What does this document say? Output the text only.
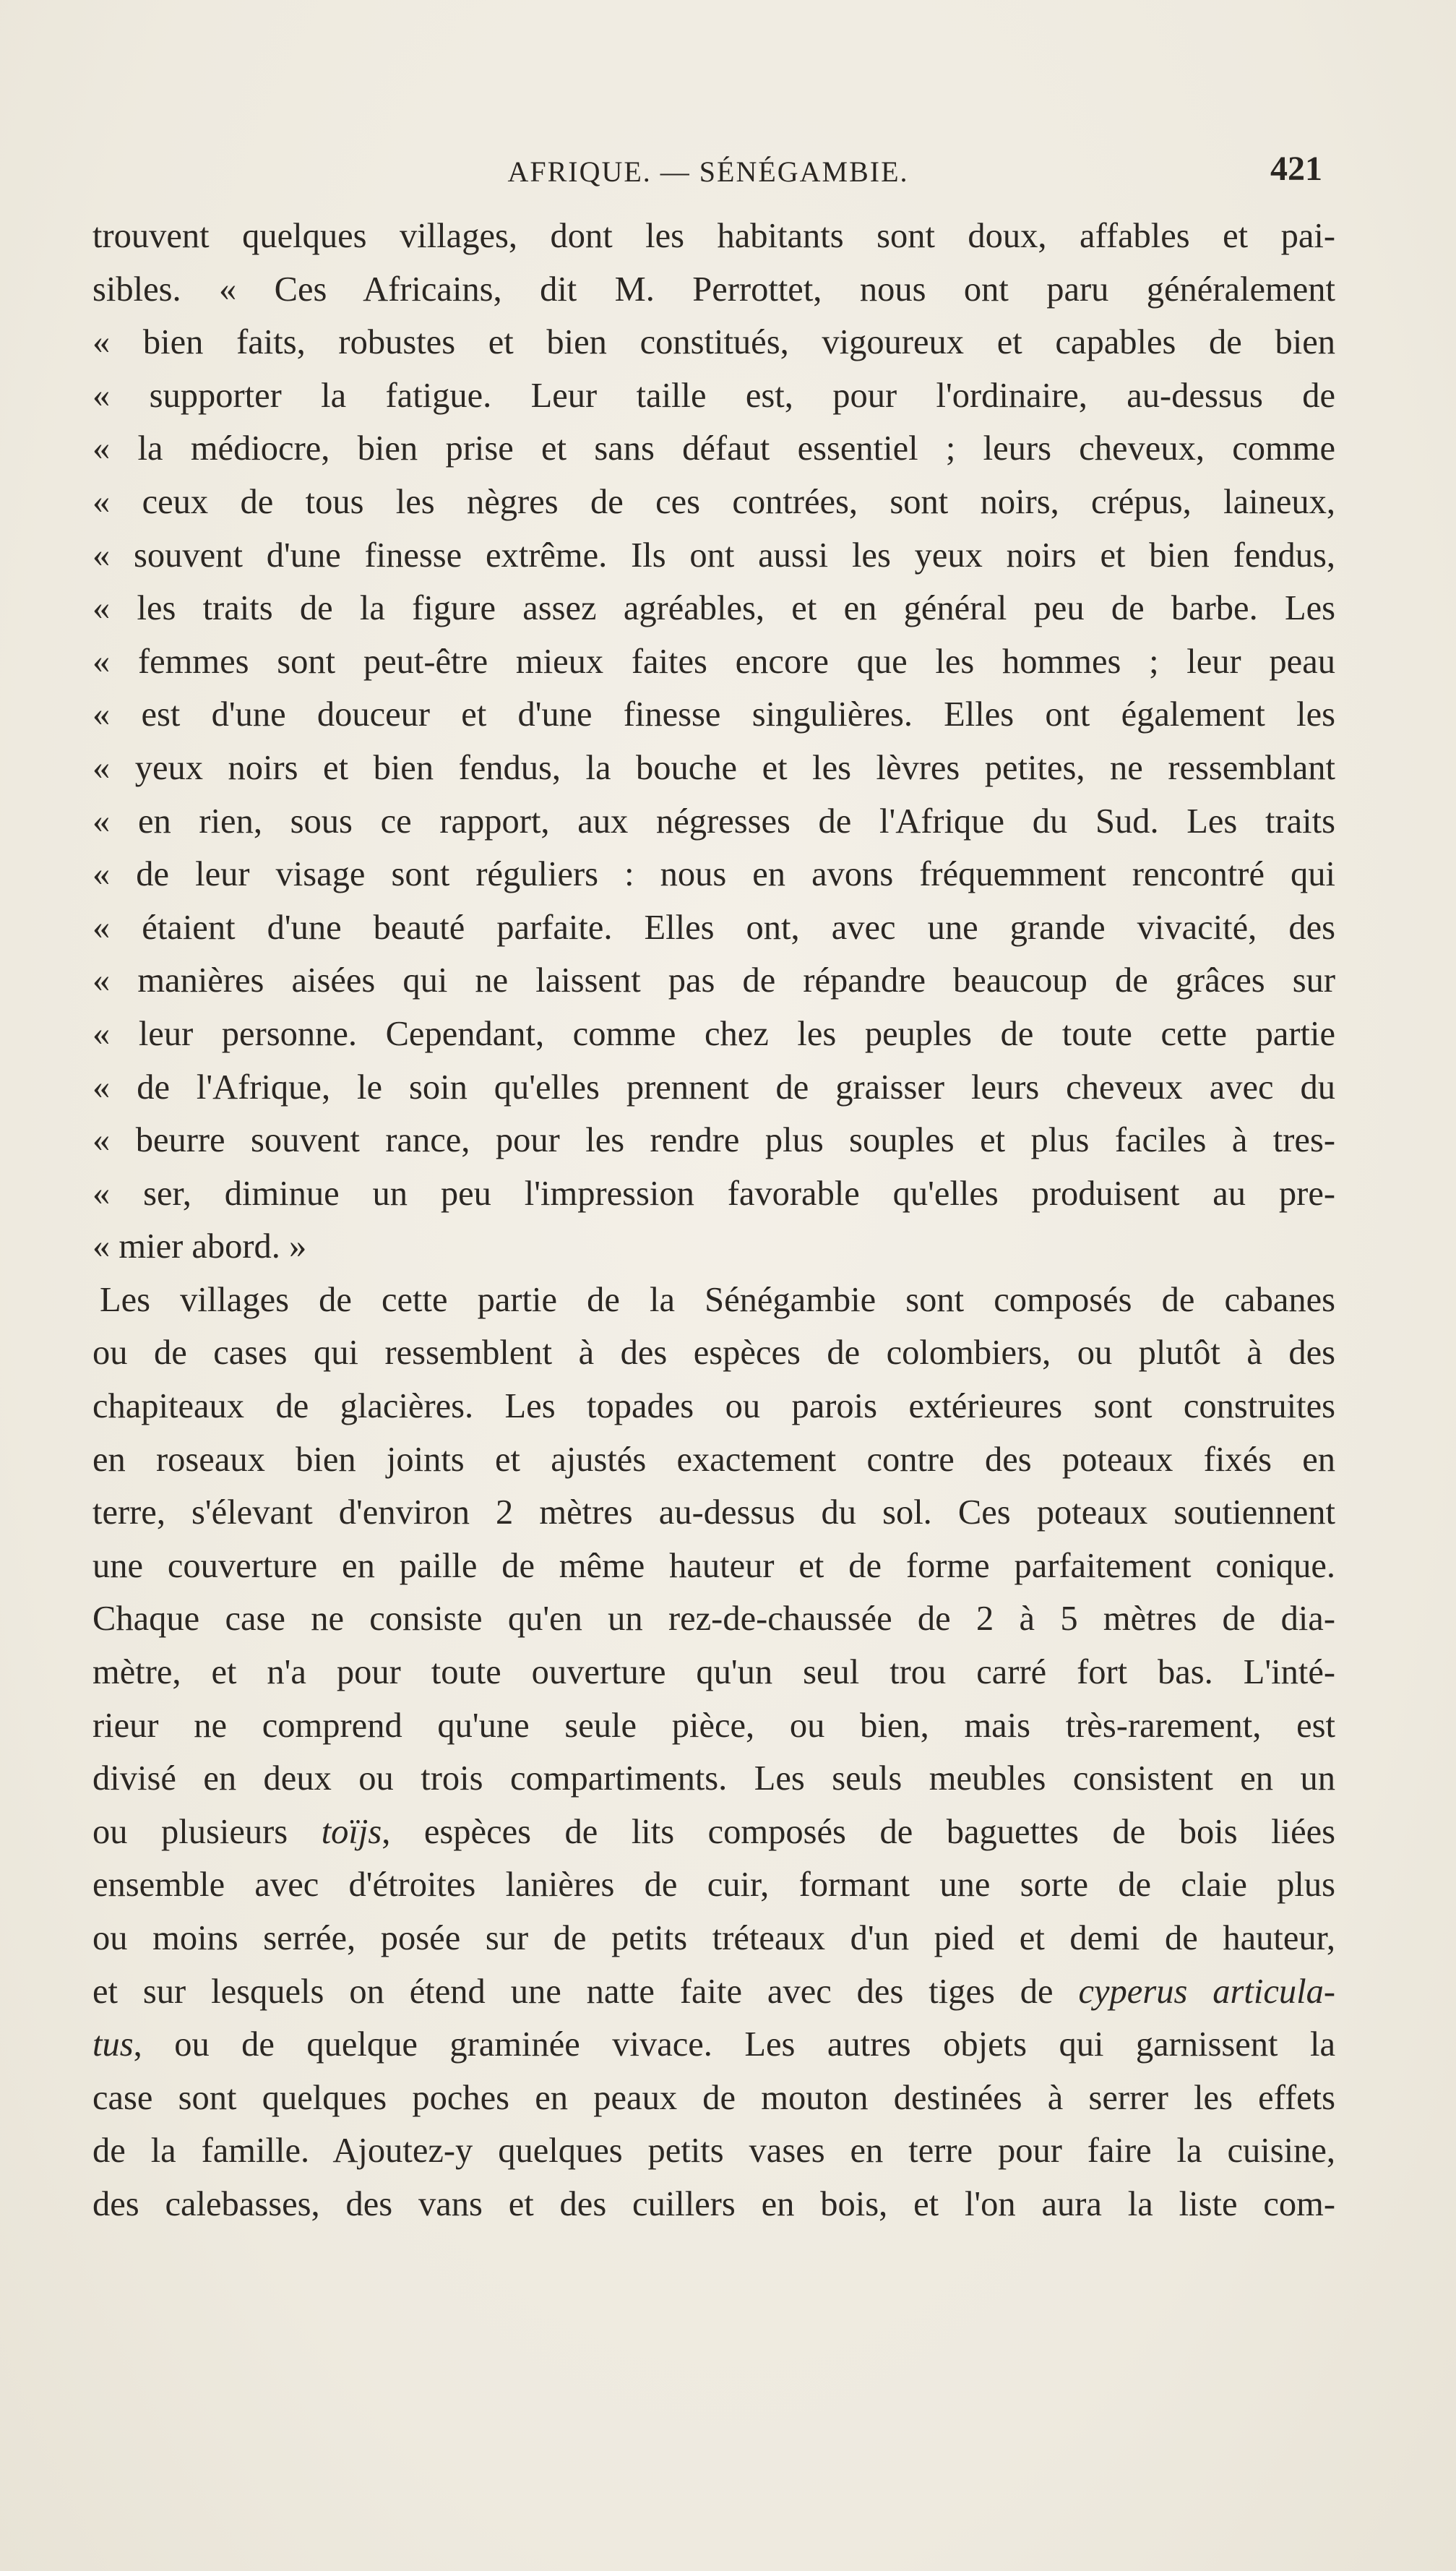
AFRIQUE. — SÉNÉGAMBIE.	421
trouvent quelques villages, dont les habitants sont doux, affables et pai-
sibles. « Ces Africains, dit M. Perrottet, nous ont paru généralement
« bien faits, robustes et bien constitués, vigoureux et capables de bien
« supporter la fatigue. Leur taille est, pour l'ordinaire, au-dessus de
« la médiocre, bien prise et sans défaut essentiel ; leurs cheveux, comme
« ceux de tous les nègres de ces contrées, sont noirs, crépus, laineux,
« souvent d'une finesse extrême. Ils ont aussi les yeux noirs et bien fendus,
« les traits de la figure assez agréables, et en général peu de barbe. Les
« femmes sont peut-être mieux faites encore que les hommes ; leur peau
« est d'une douceur et d'une finesse singulières. Elles ont également les
« yeux noirs et bien fendus, la bouche et les lèvres petites, ne ressemblant
« en rien, sous ce rapport, aux négresses de l'Afrique du Sud. Les traits
« de leur visage sont réguliers : nous en avons fréquemment rencontré qui
« étaient d'une beauté parfaite. Elles ont, avec une grande vivacité, des
« manières aisées qui ne laissent pas de répandre beaucoup de grâces sur
« leur personne. Cependant, comme chez les peuples de toute cette partie
« de l'Afrique, le soin qu'elles prennent de graisser leurs cheveux avec du
« beurre souvent rance, pour les rendre plus souples et plus faciles à tres-
« ser, diminue un peu l'impression favorable qu'elles produisent au pre-
« mier abord. »
Les villages de cette partie de la Sénégambie sont composés de cabanes
ou de cases qui ressemblent à des espèces de colombiers, ou plutôt à des
chapiteaux de glacières. Les topades ou parois extérieures sont construites
en roseaux bien joints et ajustés exactement contre des poteaux fixés en
terre, s'élevant d'environ 2 mètres au-dessus du sol. Ces poteaux soutiennent
une couverture en paille de même hauteur et de forme parfaitement conique.
Chaque case ne consiste qu'en un rez-de-chaussée de 2 à 5 mètres de dia-
mètre, et n'a pour toute ouverture qu'un seul trou carré fort bas. L'inté-
rieur ne comprend qu'une seule pièce, ou bien, mais très-rarement, est
divisé en deux ou trois compartiments. Les seuls meubles consistent en un
ou plusieurs toïjs, espèces de lits composés de baguettes de bois liées
ensemble avec d'étroites lanières de cuir, formant une sorte de claie plus
ou moins serrée, posée sur de petits tréteaux d'un pied et demi de hauteur,
et sur lesquels on étend une natte faite avec des tiges de cyperus articula-
tus, ou de quelque graminée vivace. Les autres objets qui garnissent la
case sont quelques poches en peaux de mouton destinées à serrer les effets
de la famille. Ajoutez-y quelques petits vases en terre pour faire la cuisine,
des calebasses, des vans et des cuillers en bois, et l'on aura la liste com-
